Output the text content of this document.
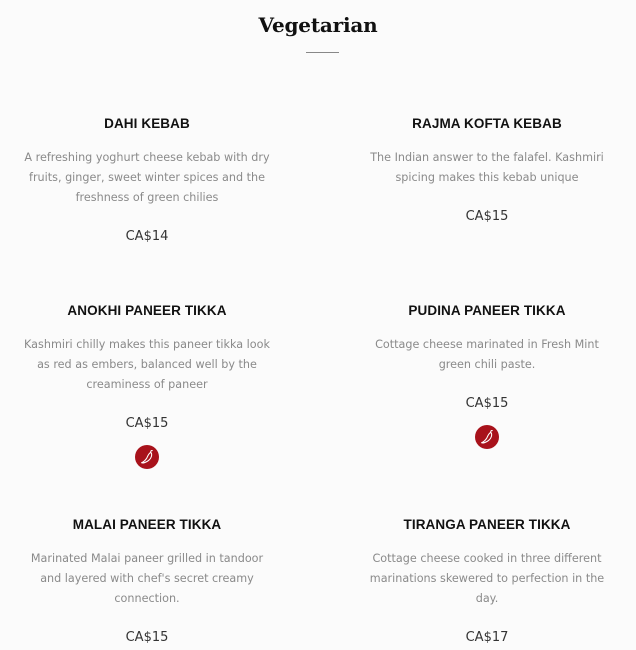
Vegetarian
DAHI KEBAB
A refreshing yoghurt cheese kebab with dry fruits, ginger, sweet winter spices and the freshness of green chilies
CA$14
RAJMA KOFTA KEBAB
The Indian answer to the falafel. Kashmiri spicing makes this kebab unique
CA$15
ANOKHI PANEER TIKKA
Kashmiri chilly makes this paneer tikka look as red as embers, balanced well by the creaminess of paneer
CA$15
PUDINA PANEER TIKKA
Cottage cheese marinated in Fresh Mint green chili paste.
CA$15
MALAI PANEER TIKKA
Marinated Malai paneer grilled in tandoor and layered with chef's secret creamy connection.
CA$15
TIRANGA PANEER TIKKA
Cottage cheese cooked in three different marinations skewered to perfection in the day.
CA$17
